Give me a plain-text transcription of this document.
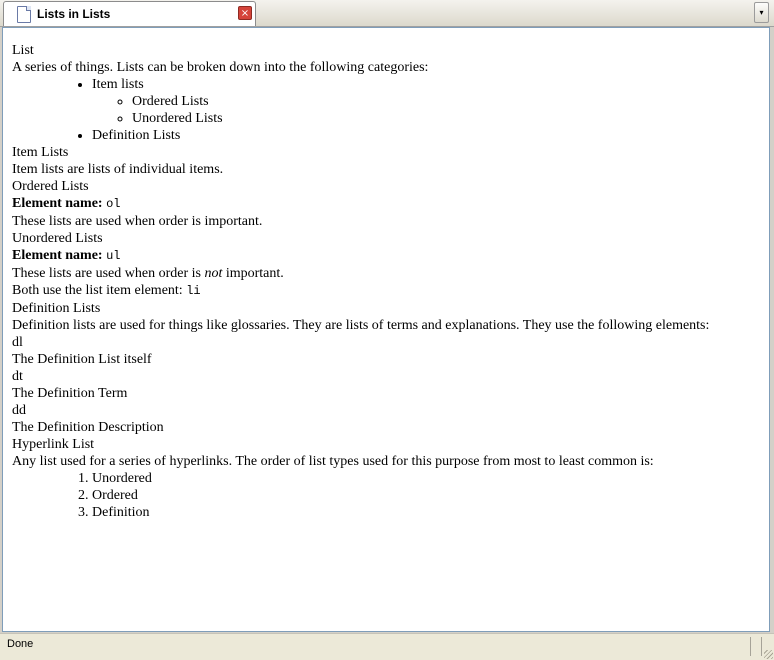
Lists in Lists	×	▾

List

A series of things. Lists can be broken down into the following categories:

• Item lists
◦ Ordered Lists
◦ Unordered Lists
• Definition Lists

Item Lists

Item lists are lists of individual items.

Ordered Lists

Element name: ol

These lists are used when order is important.

Unordered Lists

Element name: ul

These lists are used when order is not important.

Both use the list item element: li

Definition Lists

Definition lists are used for things like glossaries. They are lists of terms and explanations. They use the following elements:

dl

The Definition List itself

dt

The Definition Term

dd

The Definition Description

Hyperlink List

Any list used for a series of hyperlinks. The order of list types used for this purpose from most to least common is:

1. Unordered
2. Ordered
3. Definition
Done
